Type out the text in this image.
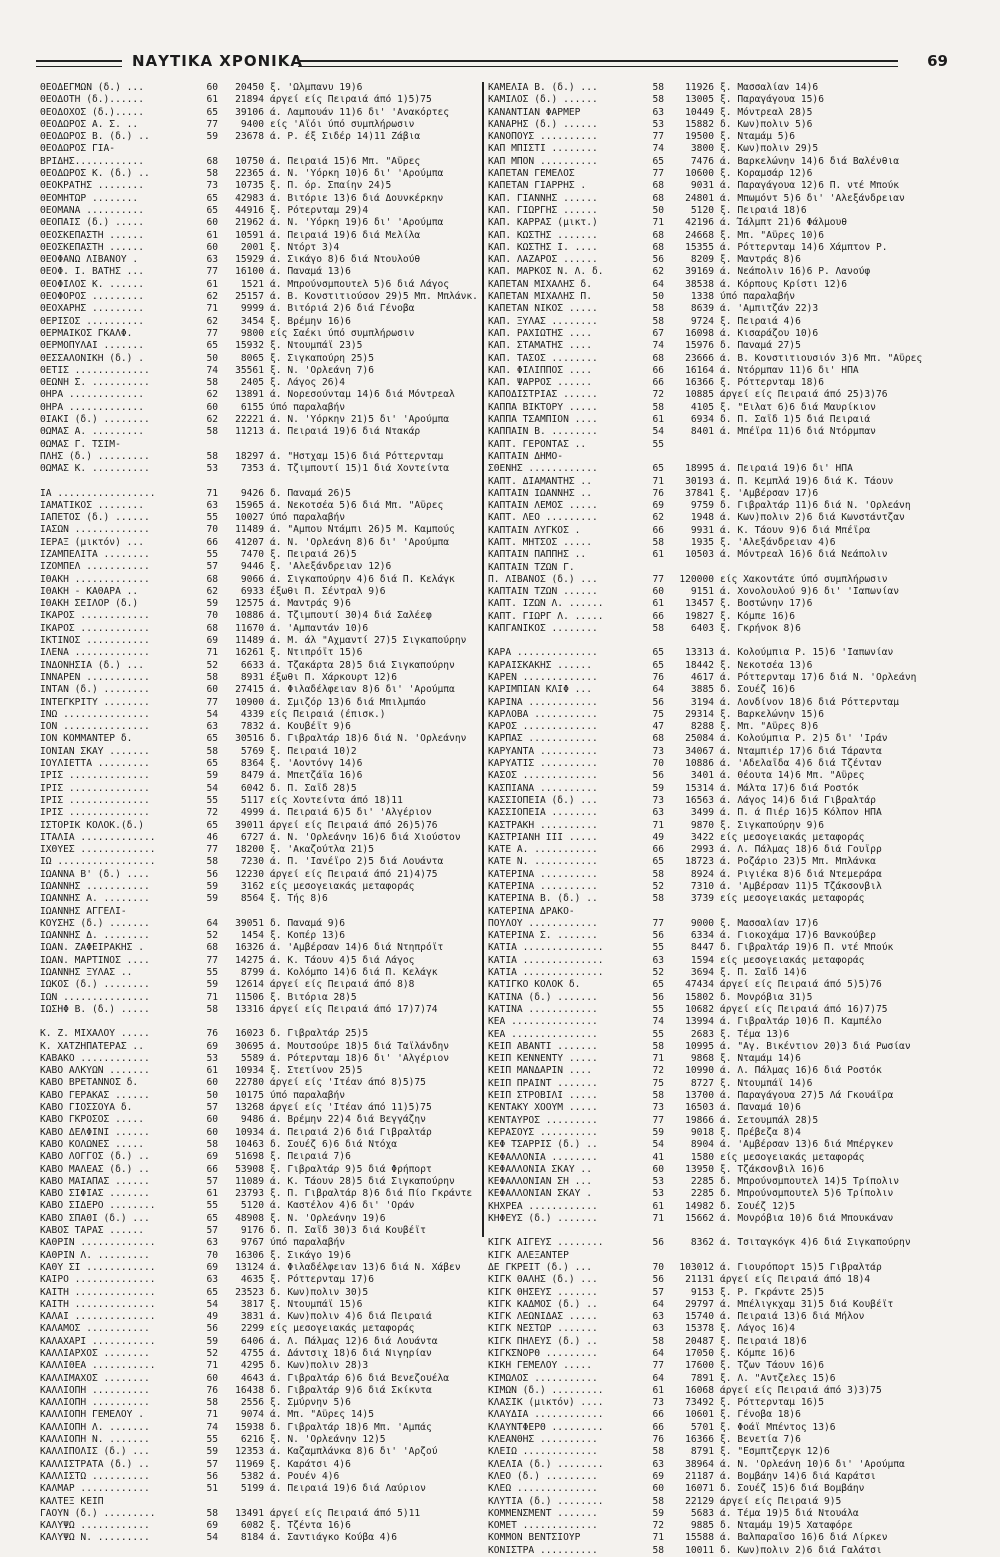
ΝΑΥΤΙΚΑ ΧΡΟΝΙΚΑ	69
ΘΕΟΔΕΓΜΩΝ (δ.) ...	60	20450 ξ. 'Ωλμπανυ 19)6
ΘΕΟΔΟΤΗ (δ.)......	61	21894 άργεί είς Πειραιά άπό 1)5)75
ΘΕΟΔΟΧΟΣ (δ.).....	65	39106 ά. Λαμπουάν 11)6 δι' 'Ανακόρτες
ΘΕΟΔΩΡΟΣ Α. Σ. ..	77	9400 είς 'Αϊόι ύπό συμπλήρωσιν
ΘΕΟΔΩΡΟΣ Β. (δ.) ..	59	23678 ά. Ρ. έξ Σιδέρ 14)11 Ζάβια
ΘΕΟΔΩΡΟΣ ΓΙΑ-
ΒΡΙΔΗΣ............	68	10750 ά. Πειραιά 15)6 Μπ. "Αϋρες
ΘΕΟΔΩΡΟΣ Κ. (δ.) ..	58	22365 ά. Ν. 'Υόρκη 10)6 δι' 'Αρούμπα
ΘΕΟΚΡΑΤΗΣ ........	73	10735 ξ. Π. όρ. Σπαίην 24)5
ΘΕΟΜΗΤΩΡ ........	65	42983 ά. Βιτόριε 13)6 διά Δουνκέρκην
ΘΕΟΜΑΝΑ ..........	65	44916 ξ. Ρότερνταμ 29)4
ΘΕΟΠΑΙΣ (δ.) .....	60	21962 ά. Ν. 'Υόρκη 19)6 δι' 'Αρούμπα
ΘΕΟΣΚΕΠΑΣΤΗ ......	61	10591 ά. Πειραιά 19)6 διά Μελίλα
ΘΕΟΣΚΕΠΑΣΤΗ ......	60	2001 ξ. Ντόρτ 3)4
ΘΕΟΦΑΝΩ ΛΙΒΑΝΟΥ .	63	15929 ά. Σικάγο 8)6 διά Ντουλούθ
ΘΕΟΦ. Ι. ΒΑΤΗΣ ...	77	16100 ά. Παναμά 13)6
ΘΕΟΦΙΛΟΣ Κ. ......	61	1521 ά. Μπρούνσμπουτελ 5)6 διά Λάγος
ΘΕΟΦΟΡΟΣ .........	62	25157 ά. Β. Κονστιτιούσον 29)5 Μπ. Μπλάνκ.
ΘΕΟΧΑΡΗΣ .........	71	9999 ά. Βιτόριά 2)6 διά Γένοβα
ΘΕΡΙΣΟΣ ..........	62	3454 ξ. Βρέμην 16)6
ΘΕΡΜΑΪΚΟΣ ΓΚΑΛΦ.	77	9800 είς Σαέκι ύπό συμπλήρωσιν
ΘΕΡΜΟΠΥΛΑΙ .......	65	15932 ξ. Ντουμπάϊ 23)5
ΘΕΣΣΑΛΟΝΙΚΗ (δ.) .	50	8065 ξ. Σιγκαπούρη 25)5
ΘΕΤΙΣ .............	74	35561 ξ. Ν. 'Ορλεάνη 7)6
ΘΕΩΝΗ Σ. ..........	58	2405 ξ. Λάγος 26)4
ΘΗΡΑ .............	62	13891 ά. Νορεσούνταμ 14)6 διά Μόντρεαλ
ΘΗΡΑ .............	60	6155 ύπό παραλαβήν
ΘΙΑΚΙ (δ.) ........	62	22221 ά. Ν. 'Υόρκην 21)5 δι' 'Αρούμπα
ΘΩΜΑΣ Α. .........	58	11213 ά. Πειραιά 19)6 διά Ντακάρ
ΘΩΜΑΣ Γ. ΤΣΙΜ-
ΠΛΗΣ (δ.) .........	58	18297 ά. "Ηστχαμ 15)6 διά Ρόττερνταμ
ΘΩΜΑΣ Κ. ..........	53	7353 ά. Τζιμπουτί 15)1 διά Χοντείντα
ΙΑ .................	71	9426 δ. Παναμά 26)5
ΙΑΜΑΤΙΚΟΣ ........	63	15965 ά. Νεκοτσέα 5)6 διά Μπ. "Αϋρες
ΙΑΠΕΤΟΣ (δ.) ......	55	10027 ύπό παραλαβήν
ΙΑΣΩΝ .............	70	11489 ά. "Αμπου Ντάμπι 26)5 Μ. Καμπούς
ΙΕΡΑΞ (μικτόν) ...	66	41207 ά. Ν. 'Ορλεάνη 8)6 δι' 'Αρούμπα
ΙΖΑΜΠΕΛΙΤΑ ........	55	7470 ξ. Πειραιά 26)5
ΙΖΟΜΠΕΛ ...........	57	9446 ξ. 'Αλεξάνδρειαν 12)6
ΙΘΑΚΗ .............	68	9066 ά. Σιγκαπούρην 4)6 διά Π. Κελάγκ
ΙΘΑΚΗ - ΚΑΘΑΡΑ ..	62	6933 έξωθι Π. Σέντραλ 9)6
ΙΘΑΚΗ ΣΕΪΛΟΡ (δ.)	59	12575 ά. Μαντράς 9)6
ΙΚΑΡΟΣ ............	70	10886 ά. Τζιμπουτί 30)4 διά Σαλέεφ
ΙΚΑΡΟΣ ............	68	11670 ά. 'Αμπαντάν 10)6
ΙΚΤΙΝΟΣ ...........	69	11489 ά. Μ. άλ "Αχμαντί 27)5 Σιγκαπούρην
ΙΛΕΝΑ .............	71	16261 ξ. Ντιπρόϊτ 15)6
ΙΝΔΟΝΗΣΙΑ (δ.) ...	52	6633 ά. Τζακάρτα 28)5 διά Σιγκαπούρην
ΙΝΝΑΡΕΝ ...........	58	8931 έξωθι Π. Χάρκουρτ 12)6
ΙΝΤΑΝ (δ.) ........	60	27415 ά. Φιλαδέλφειαν 8)6 δι' 'Αρούμπα
ΙΝΤΕΓΚΡΙΤΥ ........	77	10900 ά. Σμιζόρ 13)6 διά Μπιλμπάο
ΙΝΩ ...............	54	4339 είς Πειραιά (έπισκ.)
ΙΟΝ ...............	63	7832 ά. Κουβέϊτ 9)6
ΙΟΝ ΚΟΜΜΑΝΤΕΡ δ.	65	30516 δ. Γιβραλτάρ 18)6 διά Ν. 'Ορλεάνην
ΙΟΝΙΑΝ ΣΚΑΫ .......	58	5769 ξ. Πειραιά 10)2
ΙΟΥΛΙΕΤΤΑ .........	65	8364 ξ. 'Αοντόνγ 14)6
ΙΡΙΣ ..............	59	8479 ά. Μπετζάϊα 16)6
ΙΡΙΣ ..............	54	6042 δ. Π. Σαΐδ 28)5
ΙΡΙΣ ..............	55	5117 είς Χοντείντα άπό 18)11
ΙΡΙΣ ..............	72	4999 ά. Πειραιά 6)5 δι' 'Αλγέριον
ΙΣΤΟΡΙΚ ΚΟΛΟΚ.(δ.)	65	39011 άργεί είς Πειραιά άπό 26)5)76
ΙΤΑΛΙΑ .............	46	6727 ά. Ν. 'Ορλεάνην 16)6 διά Χιούστον
ΙΧΘΥΕΣ .............	77	18200 ξ. 'Ακαζούτλα 21)5
ΙΩ .................	58	7230 ά. Π. 'Ιανέϊρο 2)5 διά Λουάντα
ΙΩΑΝΝΑ Β' (δ.) ....	56	12230 άργεί είς Πειραιά άπό 21)4)75
ΙΩΑΝΝΗΣ ...........	59	3162 είς μεσογειακάς μεταφοράς
ΙΩΑΝΝΗΣ Α. ........	59	8564 ξ. Τής 8)6
ΙΩΑΝΝΗΣ ΑΓΓΕΛΙ-
ΚΟΥΣΗΣ (δ.) .......	64	39051 δ. Παναμά 9)6
ΙΩΑΝΝΗΣ Δ. ........	52	1454 ξ. Κοπέρ 13)6
ΙΩΑΝ. ΖΑΦΕΙΡΑΚΗΣ .	68	16326 ά. 'Αμβέρσαν 14)6 διά Ντηπρόϊτ
ΙΩΑΝ. ΜΑΡΤΙΝΟΣ ....	77	14275 ά. Κ. Τάουν 4)5 διά Λάγος
ΙΩΑΝΝΗΣ ΞΥΛΑΣ ..	55	8799 ά. Κολόμπο 14)6 διά Π. Κελάγκ
ΙΩΚΟΣ (δ.) ........	59	12614 άργεί είς Πειραιά άπό 8)8
ΙΩΝ ...............	71	11506 ξ. Βιτόρια 28)5
ΙΩΣΗΦ Β. (δ.) .....	58	13316 άργεί είς Πειραιά άπό 17)7)74
Κ. Ζ. ΜΙΧΑΛΟΥ .....	76	16023 δ. Γιβραλτάρ 25)5
Κ. ΧΑΤΖΗΠΑΤΕΡΑΣ ..	69	30695 ά. Μουτσούρε 18)5 διά Ταϊλάνδην
ΚΑΒΑΚΟ ............	53	5589 ά. Ρότερνταμ 18)6 δι' 'Αλγέριον
ΚΑΒΟ ΑΛΚΥΩΝ .......	61	10934 ξ. Στετίνον 25)5
ΚΑΒΟ ΒΡΕΤΑΝΝΟΣ δ.	60	22780 άργεί είς 'Ιτέαν άπό 8)5)75
ΚΑΒΟ ΓΕΡΑΚΑΣ ......	50	10175 ύπό παραλαβήν
ΚΑΒΟ ΓΙΟΣΣΟΥΑ δ.	57	13268 άργεί είς 'Ιτέαν άπό 11)5)75
ΚΑΒΟ ΓΚΡΟΣΟΣ .....	60	9486 ά. Βρέμην 22)4 διά Βεγγάζην
ΚΑΒΟ ΔΕΛΦΙΝΙ ......	60	10934 ά. Πειραιά 2)6 διά Γιβραλτάρ
ΚΑΒΟ ΚΟΛΩΝΕΣ .....	58	10463 δ. Σουέζ 6)6 διά Ντόχα
ΚΑΒΟ ΛΟΓΓΟΣ (δ.) ..	69	51698 ξ. Πειραιά 7)6
ΚΑΒΟ ΜΑΛΕΑΣ (δ.) ..	66	53908 ξ. Γιβραλτάρ 9)5 διά Φρήπορτ
ΚΑΒΟ ΜΑΙΑΠΑΣ ......	57	11089 ά. Κ. Τάουν 28)5 διά Σιγκαπούρην
ΚΑΒΟ ΣΙΦΙΑΣ .......	61	23793 ξ. Π. Γιβραλτάρ 8)6 διά Πίο Γκράντε
ΚΑΒΟ ΣΙΔΕΡΟ ........	55	5120 ά. Καστέλον 4)6 δι' 'Οράν
ΚΑΒΟ ΣΠΑΘΙ (δ.) ...	65	48908 ξ. Ν. 'Ορλεάνην 19)6
ΚΑΒΟΣ ΤΑΡΑΣ ......	57	9176 δ. Π. Σαΐδ 30)3 διά Κουβέϊτ
ΚΑΘΡΙΝ .............	63	9767 ύπό παραλαβήν
ΚΑΘΡΙΝ Λ. .........	70	16306 ξ. Σικάγο 19)6
ΚΑΘΥ ΣΙ ............	69	13124 ά. Φιλαδέλφειαν 13)6 διά Ν. Χάβεν
ΚΑΪΡΟ ..............	63	4635 ξ. Ρόττερνταμ 17)6
ΚΑΙΤΗ ..............	65	23523 δ. Κων)πολιν 30)5
ΚΑΙΤΗ ..............	54	3817 ξ. Ντουμπάϊ 15)6
ΚΑΛΑΙ ..............	49	3831 ά. Κων)πολιν 4)6 διά Πειραιά
ΚΑΛΑΜΟΣ ...........	56	2299 είς μεσογειακάς μεταφοράς
ΚΑΛΑΧΑΡΙ ...........	59	6406 ά. Λ. Πάλμας 12)6 διά Λουάντα
ΚΑΛΛΙΑΡΧΟΣ ........	52	4755 ά. Δάντσιχ 18)6 διά Νιγηρίαν
ΚΑΛΛΙΘΕΑ ...........	71	4295 δ. Κων)πολιν 28)3
ΚΑΛΛΙΜΑΧΟΣ ........	60	4643 ά. Γιβραλτάρ 6)6 διά Βενεζουέλα
ΚΑΛΛΙΟΠΗ ..........	76	16438 δ. Γιβραλτάρ 9)6 διά Σκίκντα
ΚΑΛΛΙΟΠΗ ..........	58	2556 ξ. Σμύρνην 5)6
ΚΑΛΛΙΟΠΗ ΓΕΜΕΛΟΥ .	71	9074 ά. Μπ. "Αϋρες 14)5
ΚΑΛΛΙΟΠΗ Λ. .......	74	15938 δ. Γιβραλτάρ 18)6 Μπ. 'Αμπάς
ΚΑΛΛΙΟΠΗ Ν. .......	55	6216 ξ. Ν. 'Ορλεάνην 12)5
ΚΑΛΛΙΠΟΛΙΣ (δ.) ...	59	12353 ά. Καζαμπλάνκα 8)6 δι' 'Αρζού
ΚΑΛΛΙΣΤΡΑΤΑ (δ.) ..	57	11969 ξ. Καράτσι 4)6
ΚΑΛΛΙΣΤΩ ..........	56	5382 ά. Ρουέν 4)6
ΚΑΛΜΑΡ ............	51	5199 ά. Πειραιά 19)6 διά Λαύριον
ΚΑΛΤΕΞ ΚΕΪΠ
ΓΑΟΥΝ (δ.) .........	58	13491 άργεί είς Πειραιά άπό 5)11
ΚΑΛΥΨΩ ............	69	6082 ξ. Τζέντα 16)6
ΚΑΛΥΨΩ Ν. .........	54	8184 ά. Σαντιάγκο Κούβα 4)6
ΚΑΜΕΛΙΑ Β. (δ.) ...	58	11926 ξ. Μασσαλίαν 14)6
ΚΑΜΙΛΟΣ (δ.) ......	58	13005 ξ. Παραγάγουα 15)6
ΚΑΝΑΝΤΙΑΝ ΦΑΡΜΕΡ	63	10449 ξ. Μόντρεαλ 28)5
ΚΑΝΑΡΗΣ (δ.) ......	53	15882 δ. Κων)πολιν 5)6
ΚΑΝΟΠΟΥΣ ..........	77	19500 ξ. Νταμάμ 5)6
ΚΑΠ ΜΠΙΣΤΙ ........	74	3800 ξ. Κων)πολιν 29)5
ΚΑΠ ΜΠΟΝ ..........	65	7476 ά. Βαρκελώνην 14)6 διά Βαλένθια
ΚΑΠΕΤΑΝ ΓΕΜΕΛΟΣ	77	10600 ξ. Κοραμσάρ 12)6
ΚΑΠΕΤΑΝ ΓΙΑΡΡΗΣ .	68	9031 ά. Παραγάγουα 12)6 Π. ντέ Μπούκ
ΚΑΠ. ΓΙΑΝΝΗΣ ......	68	24801 ά. Μπωμόντ 5)6 δι' 'Αλεξάνδρειαν
ΚΑΠ. ΓΙΩΡΓΗΣ ......	50	5120 ξ. Πειραιά 18)6
ΚΑΠ. ΚΑΡΡΑΣ (μικτ.)	71	42196 ά. Ίάλμπτ 21)6 Φάλμουθ
ΚΑΠ. ΚΩΣΤΗΣ .......	68	24668 ξ. Μπ. "Αϋρες 10)6
ΚΑΠ. ΚΩΣΤΗΣ Ι. ....	68	15355 ά. Ρόττερνταμ 14)6 Χάμπτον Ρ.
ΚΑΠ. ΛΑΖΑΡΟΣ ......	56	8209 ξ. Μαντράς 8)6
ΚΑΠ. ΜΑΡΚΟΣ Ν. Λ. δ.	62	39169 ά. Νεάπολιν 16)6 Ρ. Λανούφ
ΚΑΠΕΤΑΝ ΜΙΧΑΛΗΣ δ.	64	38538 ά. Κόρπους Κρίστι 12)6
ΚΑΠΕΤΑΝ ΜΙΧΑΛΗΣ Π.	50	1338 ύπό παραλαβήν
ΚΑΠΕΤΑΝ ΝΙΚΟΣ .....	58	8639 ά. 'Αμπιτζάν 22)3
ΚΑΠ. ΞΥΛΑΣ ........	58	9724 ξ. Πειραιά 4)6
ΚΑΠ. ΡΑΧΙΩΤΗΣ ....	67	16098 ά. Κισαράζου 10)6
ΚΑΠ. ΣΤΑΜΑΤΗΣ ....	74	15976 δ. Παναμά 27)5
ΚΑΠ. ΤΑΣΟΣ ........	68	23666 ά. Β. Κονστιτιουσιόν 3)6 Μπ. "Αϋρες
ΚΑΠ. ΦΙΛΙΠΠΟΣ ....	66	16164 ά. Ντόρμπαν 11)6 δι' ΗΠΑ
ΚΑΠ. ΨΑΡΡΟΣ ......	66	16366 ξ. Ρόττερνταμ 18)6
ΚΑΠΟΔΙΣΤΡΙΑΣ ......	72	10885 άργεί είς Πειραιά άπό 25)3)76
ΚΑΠΠΑ ΒΙΚΤΟΡΥ .....	58	4105 ξ. "Ειλατ 6)6 διά Μαυρίκιον
ΚΑΠΠΑ ΤΣΑΜΠΙΟΝ ....	61	6934 δ. Π. Σαΐδ 1)5 διά Πειραιά
ΚΑΠΠΑΙΝ Β. ........	54	8401 ά. Μπέϊρα 11)6 διά Ντόρμπαν
ΚΑΠΤ. ΓΕΡΟΝΤΑΣ ..	55
ΚΑΠΤΑΙΝ ΔΗΜΟ-
ΣΘΕΝΗΣ ............	65	18995 ά. Πειραιά 19)6 δι' ΗΠΑ
ΚΑΠΤ. ΔΙΑΜΑΝΤΗΣ ..	71	30193 ά. Π. Κεμπλά 19)6 διά Κ. Τάουν
ΚΑΠΤΑΙΝ ΙΩΑΝΝΗΣ ..	76	37841 ξ. 'Αμβέρσαν 17)6
ΚΑΠΤΑΙΝ ΛΕΜΟΣ .....	69	9759 δ. Γιβραλτάρ 11)6 διά Ν. 'Ορλεάνη
ΚΑΠΤ. ΛΕΟ .........	62	1948 ά. Κων)πολιν 2)6 διά Κωνστάντζαν
ΚΑΠΤΑΙΝ ΛΥΓΚΟΣ .	66	9931 ά. Κ. Τάουν 9)6 διά Μπέϊρα
ΚΑΠΤ. ΜΗΤΣΟΣ .....	58	1935 ξ. 'Αλεξάνδρειαν 4)6
ΚΑΠΤΑΙΝ ΠΑΠΠΗΣ ..	61	10503 ά. Μόντρεαλ 16)6 διά Νεάπολιν
ΚΑΠΤΑΙΝ ΤΖΩΝ Γ.
Π. ΛΙΒΑΝΟΣ (δ.) ...	77	120000 είς Χακοντάτε ύπό συμπλήρωσιν
ΚΑΠΤΑΙΝ ΤΖΩΝ ......	60	9151 ά. Χονολουλού 9)6 δι' 'Ιαπωνίαν
ΚΑΠΤ. ΙΖΩΝ Λ. ......	61	13457 ξ. Βοστώνην 17)6
ΚΑΠΤ. ΓΙΩΡΓ Λ. .....	66	19827 ξ. Κόμπε 16)6
ΚΑΠΓΑΝΙΚΟΣ ........	58	6403 ξ. Γκρήνοκ 8)6
ΚΑΡΑ ..............	65	13313 ά. Κολούμπια Ρ. 15)6 'Ιαπωνίαν
ΚΑΡΑΪΣΚΑΚΗΣ ......	65	18442 ξ. Νεκοτσέα 13)6
ΚΑΡΕΝ .............	76	4617 ά. Ρόττερνταμ 17)6 διά Ν. 'Ορλεάνη
ΚΑΡΙΜΠΙΑΝ ΚΛΙΦ ...	64	3885 δ. Σουέζ 16)6
ΚΑΡΙΝΑ ............	56	3194 ά. Λονδίνον 18)6 διά Ρόττερνταμ
ΚΑΡΛΟΒΑ ...........	75	29314 ξ. Βαρκελώνην 15)6
ΚΑΡΟΣ .............	47	8288 ξ. Μπ. "Αϋρες 8)6
ΚΑΡΠΑΣ ............	68	25084 ά. Κολούμπια Ρ. 2)5 δι' 'Ιράν
ΚΑΡΥΑΝΤΑ ..........	73	34067 ά. Νταμπιέρ 17)6 διά Τάραντα
ΚΑΡΥΑΤΙΣ ..........	70	10886 ά. 'Αδελαΐδα 4)6 διά Τζένταν
ΚΑΣΟΣ .............	56	3401 ά. Θέουτα 14)6 Μπ. "Αϋρες
ΚΑΣΠΙΑΝΑ ..........	59	15314 ά. Μάλτα 17)6 διά Ροστόκ
ΚΑΣΣΙΟΠΕΙΑ (δ.) ...	73	16563 ά. Λάγος 14)6 διά Γιβραλτάρ
ΚΑΣΣΙΟΠΕΙΑ ........	63	3499 ά. Π. ά Πιέρ 16)5 Κόλπον ΗΠΑ
ΚΑΣΤΡΑΚΗ ..........	71	9870 ξ. Σιγκαπούρην 9)6
ΚΑΣΤΡΙΑΝΗ ΙΙΙ .....	49	3422 είς μεσογειακάς μεταφοράς
ΚΑΤΕ Α. ...........	66	2993 ά. Λ. Πάλμας 18)6 διά Γουΐρρ
ΚΑΤΕ Ν. ...........	65	18723 ά. Ροζάριο 23)5 Μπ. Μπλάνκα
ΚΑΤΕΡΙΝΑ ..........	58	8924 ά. Ριγιέκα 8)6 διά Ντεμεράρα
ΚΑΤΕΡΙΝΑ ..........	52	7310 ά. 'Αμβέρσαν 11)5 Τζάκσονβιλ
ΚΑΤΕΡΙΝΑ Β. (δ.) ..	58	3739 είς μεσογειακάς μεταφοράς
ΚΑΤΕΡΙΝΑ ΔΡΑΚΟ-
ΠΟΥΛΟΥ ............	77	9000 ξ. Μασσαλίαν 17)6
ΚΑΤΕΡΙΝΑ Σ. .......	56	6334 ά. Γιοκοχάμα 17)6 Βανκούβερ
ΚΑΤΙΑ ..............	55	8447 δ. Γιβραλτάρ 19)6 Π. ντέ Μπούκ
ΚΑΤΙΑ ..............	63	1594 είς μεσογειακάς μεταφοράς
ΚΑΤΙΑ ..............	52	3694 ξ. Π. Σαΐδ 14)6
ΚΑΤΙΓΚΟ ΚΟΛΟΚ δ.	65	47434 άργεί είς Πειραιά άπό 5)5)76
ΚΑΤΙΝΑ (δ.) .......	56	15802 δ. Μονρόβια 31)5
ΚΑΤΙΝΑ ............	55	10682 άργεί είς Πειραιά άπό 16)7)75
ΚΕΑ ...............	74	13994 ά. Γιβραλτάρ 10)6 Π. Καμπέλο
ΚΕΑ ...............	55	2683 ξ. Τέμα 13)6
ΚΕΪΠ ΑΒΑΝΤΙ .......	58	10995 ά. "Αγ. Βικέντιον 20)3 διά Ρωσίαν
ΚΕΪΠ ΚΕΝΝΕΝΤΥ .....	71	9868 ξ. Νταμάμ 14)6
ΚΕΪΠ ΜΑΝΔΑΡΙΝ ....	72	10990 ά. Λ. Πάλμας 16)6 διά Ροστόκ
ΚΕΪΠ ΠΡΑΪΝΤ .......	75	8727 ξ. Ντουμπάϊ 14)6
ΚΕΪΠ ΣΤΡΟΒΙΛΙ .....	58	13700 ά. Παραγάγουα 27)5 Λά Γκουάϊρα
ΚΕΝΤΑΚΥ ΧΟΟΥΜ .....	73	16503 ά. Παναμά 10)6
ΚΕΝΤΑΥΡΟΣ .........	77	19866 ά. Σετουμπάλ 28)5
ΚΕΡΑΣΟΥΣ ..........	59	9018 ξ. Πρέβεζα 8)4
ΚΕΦ ΤΣΑΡΡΙΣ (δ.) ..	54	8904 ά. 'Αμβέρσαν 13)6 διά Μπέργκεν
ΚΕΦΑΛΛΟΝΙΑ ........	41	1580 είς μεσογειακάς μεταφοράς
ΚΕΦΑΛΛΟΝΙΑ ΣΚΑΫ ..	60	13950 ξ. Τζάκσονβιλ 16)6
ΚΕΦΑΛΛΟΝΙΑΝ ΣΗ ...	53	2285 δ. Μπρούνσμπουτελ 14)5 Τρίπολιν
ΚΕΦΑΛΛΟΝΙΑΝ ΣΚΑΫ .	53	2285 δ. Μπρούνσμπουτελ 5)6 Τρίπολιν
ΚΗΧΡΕΑ ............	61	14982 δ. Σουέζ 12)5
ΚΗΦΕΥΣ (δ.) .......	71	15662 ά. Μονρόβια 10)6 διά Μπουκάναν
ΚΙΓΚ ΑΙΓΕΥΣ ........	56	8362 ά. Τσιταγκόγκ 4)6 διά Σιγκαπούρην
ΚΙΓΚ ΑΛΕΞΑΝΤΕΡ
ΔΕ ΓΚΡΕΪΤ (δ.) ...	70	103012 ά. Γιουρόπορτ 15)5 Γιβραλτάρ
ΚΙΓΚ ΘΑΛΗΣ (δ.) ...	56	21131 άργεί είς Πειραιά άπό 18)4
ΚΙΓΚ ΘΗΣΕΥΣ .......	57	9153 ξ. Ρ. Γκράντε 25)5
ΚΙΓΚ ΚΑΔΜΟΣ (δ.) ..	64	29797 ά. Μπέλιγκχαμ 31)5 διά Κουβέϊτ
ΚΙΓΚ ΛΕΩΝΙΔΑΣ .....	63	15740 ά. Πειραιά 13)6 διά Μήλον
ΚΙΓΚ ΝΕΣΤΩΡ .......	63	15378 ξ. Λάγος 16)4
ΚΙΓΚ ΠΗΛΕΥΣ (δ.) ..	58	20487 ξ. Πειραιά 18)6
ΚΙΓΚΣΝΟΡΘ .........	64	17050 ξ. Κόμπε 16)6
ΚΙΚΗ ΓΕΜΕΛΟΥ .....	77	17600 ξ. Τζων Τάουν 16)6
ΚΙΜΩΛΟΣ ...........	64	7891 ξ. Λ. "Αντζελες 15)6
ΚΙΜΩΝ (δ.) .........	61	16068 άργεί είς Πειραιά άπό 3)3)75
ΚΛΑΣΙΚ (μικτόν) ....	73	73492 ξ. Ρόττερνταμ 16)5
ΚΛΑΥΔΙΑ ............	66	10601 ξ. Γένοβα 18)6
ΚΛΑΫΝΤΦΕΡΘ .........	66	5701 ξ. Φοάϊ Μπέντος 13)6
ΚΛΕΑΝΘΗΣ ..........	76	16366 ξ. Βενετία 7)6
ΚΛΕΙΩ .............	58	8791 ξ. "Εσμπτζεργκ 12)6
ΚΛΕΛΙΑ (δ.) ........	63	38964 ά. Ν. 'Ορλεάνη 10)6 δι' 'Αρούμπα
ΚΛΕΟ (δ.) .........	69	21187 ά. Βομβάην 14)6 διά Καράτσι
ΚΛΕΩ ..............	60	16071 δ. Σουέζ 15)6 διά Βομβάην
ΚΛΥΤΙΑ (δ.) ........	58	22129 άργεί είς Πειραιά 9)5
ΚΟΜΜΕΝΣΜΕΝΤ .......	59	5683 ά. Τέμα 19)5 διά Ντουάλα
ΚΟΜΕΤ .............	72	9885 δ. Νταμάμ 19)5 Χαταφόρε
ΚΟΜΜΟΝ ΒΕΝΤΣΙΟΥΡ	71	15588 ά. Βαλπαραΐσο 16)6 διά Λίρκεν
ΚΟΝΙΣΤΡΑ ..........	58	10011 δ. Κων)πολιν 2)6 διά Γαλάτσι
